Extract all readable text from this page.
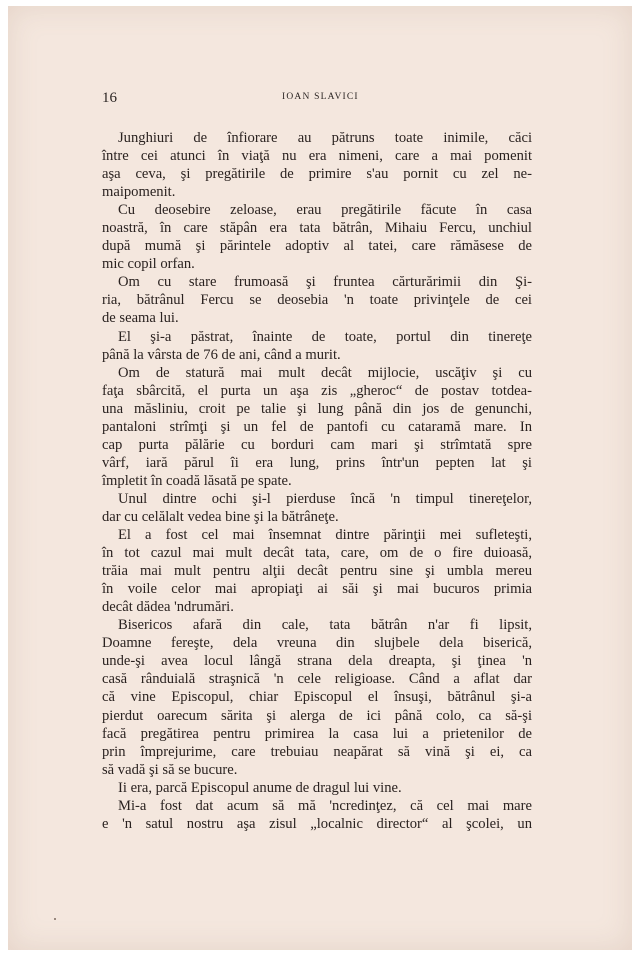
16	IOAN SLAVICI
Junghiuri de înfiorare au pătruns toate inimile, căci
între cei atunci în viaţă nu era nimeni, care a mai pomenit
aşa ceva, şi pregătirile de primire s'au pornit cu zel ne-
maipomenit.
Cu deosebire zeloase, erau pregătirile făcute în casa
noastră, în care stăpân era tata bătrân, Mihaiu Fercu, unchiul
după mumă şi părintele adoptiv al tatei, care rămăsese de
mic copil orfan.
Om cu stare frumoasă şi fruntea cărturărimii din Şi-
ria, bătrânul Fercu se deosebia 'n toate privinţele de cei
de seama lui.
El şi-a păstrat, înainte de toate, portul din tinereţe
până la vârsta de 76 de ani, când a murit.
Om de statură mai mult decât mijlocie, uscăţiv şi cu
faţa sbârcită, el purta un aşa zis „gheroc“ de postav totdea-
una măsliniu, croit pe talie şi lung până din jos de genunchi,
pantaloni strîmţi şi un fel de pantofi cu cataramă mare. In
cap purta pălărie cu borduri cam mari şi strîmtată spre
vârf, iară părul îi era lung, prins într'un pepten lat şi
împletit în coadă lăsată pe spate.
Unul dintre ochi şi-l pierduse încă 'n timpul tinereţelor,
dar cu celălalt vedea bine şi la bătrâneţe.
El a fost cel mai însemnat dintre părinţii mei sufleteşti,
în tot cazul mai mult decât tata, care, om de o fire duioasă,
trăia mai mult pentru alţii decât pentru sine şi umbla mereu
în voile celor mai apropiaţi ai săi şi mai bucuros primia
decât dădea 'ndrumări.
Bisericos afară din cale, tata bătrân n'ar fi lipsit,
Doamne fereşte, dela vreuna din slujbele dela biserică,
unde-şi avea locul lângă strana dela dreapta, şi ţinea 'n
casă rânduială straşnică 'n cele religioase. Când a aflat dar
că vine Episcopul, chiar Episcopul el însuşi, bătrânul şi-a
pierdut oarecum sărita şi alerga de ici până colo, ca să-şi
facă pregătirea pentru primirea la casa lui a prietenilor de
prin împrejurime, care trebuiau neapărat să vină şi ei, ca
să vadă şi să se bucure.
Ii era, parcă Episcopul anume de dragul lui vine.
Mi-a fost dat acum să mă 'ncredinţez, că cel mai mare
e 'n satul nostru aşa zisul „localnic director“ al şcolei, un
